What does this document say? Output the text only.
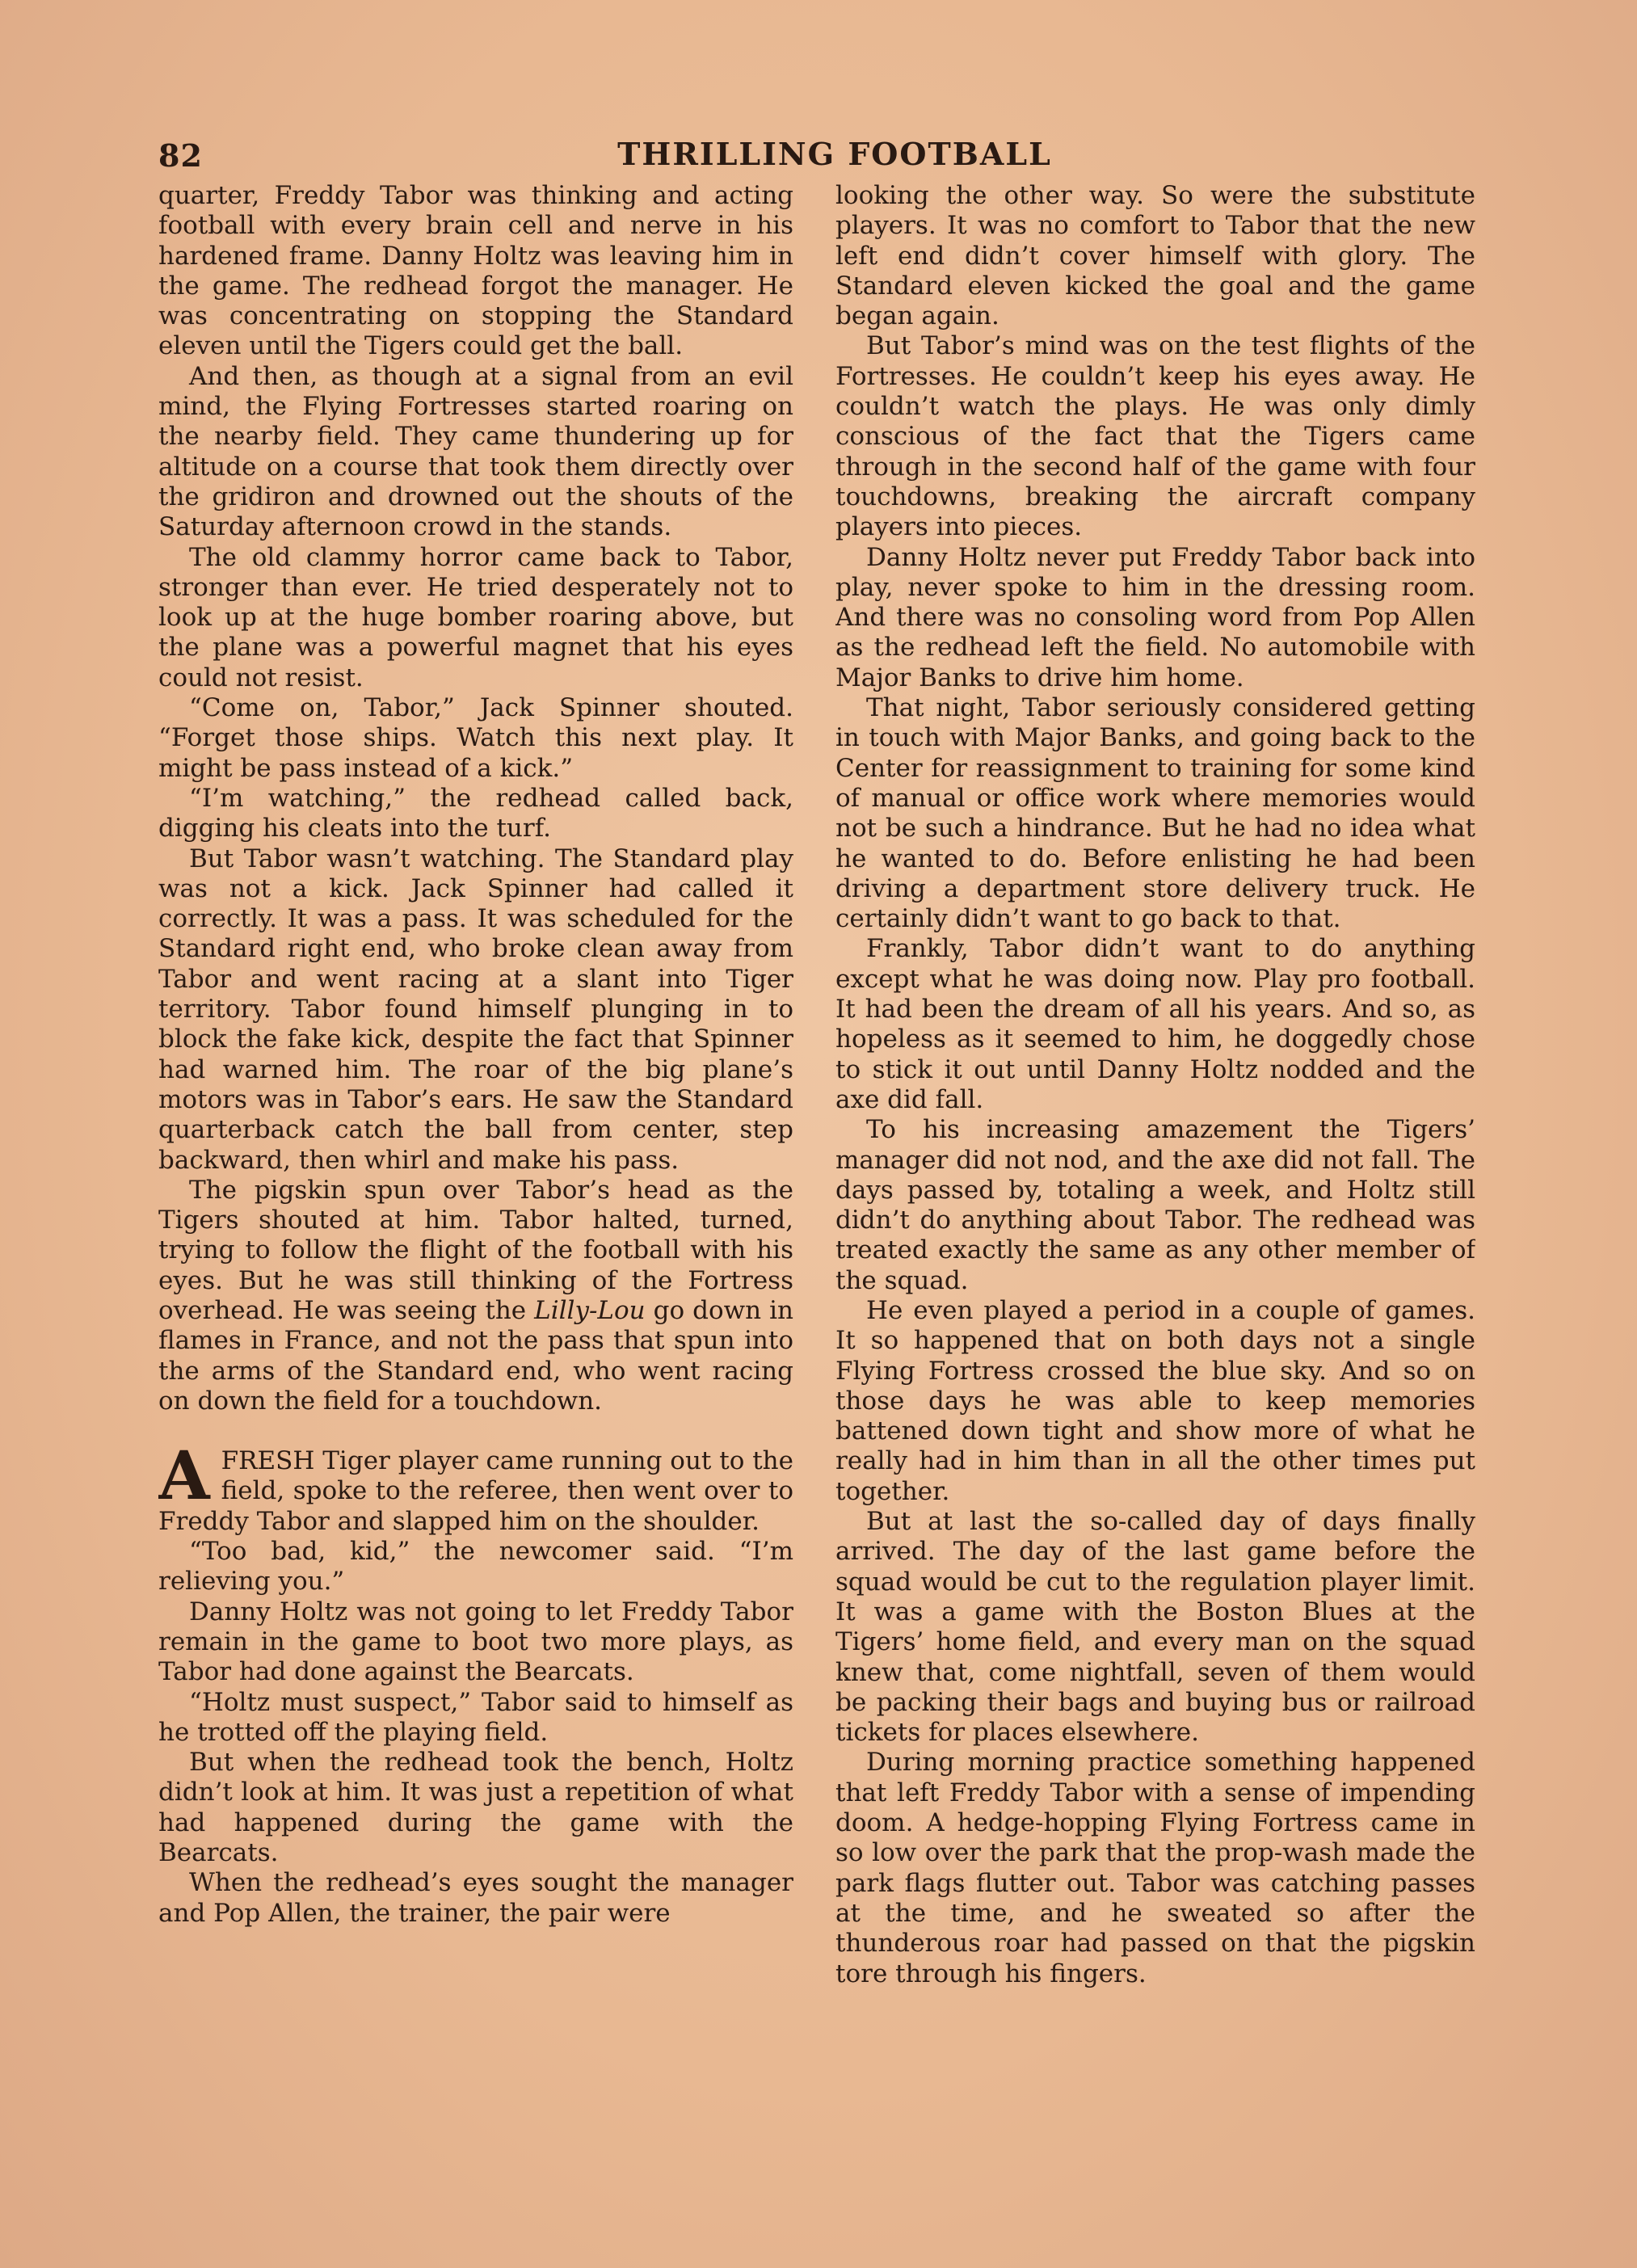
82	THRILLING FOOTBALL

quarter, Freddy Tabor was thinking and acting football with every brain cell and nerve in his hardened frame. Danny Holtz was leaving him in the game. The redhead forgot the manager. He was concentrating on stopping the Standard eleven until the Tigers could get the ball.

And then, as though at a signal from an evil mind, the Flying Fortresses started roaring on the nearby field. They came thundering up for altitude on a course that took them directly over the gridiron and drowned out the shouts of the Saturday afternoon crowd in the stands.

The old clammy horror came back to Tabor, stronger than ever. He tried desperately not to look up at the huge bomber roaring above, but the plane was a powerful magnet that his eyes could not resist.

“Come on, Tabor,” Jack Spinner shouted. “Forget those ships. Watch this next play. It might be pass instead of a kick.”

“I’m watching,” the redhead called back, digging his cleats into the turf.

But Tabor wasn’t watching. The Standard play was not a kick. Jack Spinner had called it correctly. It was a pass. It was scheduled for the Standard right end, who broke clean away from Tabor and went racing at a slant into Tiger territory. Tabor found himself plunging in to block the fake kick, despite the fact that Spinner had warned him. The roar of the big plane’s motors was in Tabor’s ears. He saw the Standard quarterback catch the ball from center, step backward, then whirl and make his pass.

The pigskin spun over Tabor’s head as the Tigers shouted at him. Tabor halted, turned, trying to follow the flight of the football with his eyes. But he was still thinking of the Fortress overhead. He was seeing the Lilly-Lou go down in flames in France, and not the pass that spun into the arms of the Standard end, who went racing on down the field for a touchdown.

AFRESH Tiger player came running out to the field, spoke to the referee, then went over to Freddy Tabor and slapped him on the shoulder.

“Too bad, kid,” the newcomer said. “I’m relieving you.”

Danny Holtz was not going to let Freddy Tabor remain in the game to boot two more plays, as Tabor had done against the Bearcats.

“Holtz must suspect,” Tabor said to himself as he trotted off the playing field.

But when the redhead took the bench, Holtz didn’t look at him. It was just a repetition of what had happened during the game with the Bearcats.

When the redhead’s eyes sought the manager and Pop Allen, the trainer, the pair were

looking the other way. So were the substitute players. It was no comfort to Tabor that the new left end didn’t cover himself with glory. The Standard eleven kicked the goal and the game began again.

But Tabor’s mind was on the test flights of the Fortresses. He couldn’t keep his eyes away. He couldn’t watch the plays. He was only dimly conscious of the fact that the Tigers came through in the second half of the game with four touchdowns, breaking the aircraft company players into pieces.

Danny Holtz never put Freddy Tabor back into play, never spoke to him in the dressing room. And there was no consoling word from Pop Allen as the redhead left the field. No automobile with Major Banks to drive him home.

That night, Tabor seriously considered getting in touch with Major Banks, and going back to the Center for reassignment to training for some kind of manual or office work where memories would not be such a hindrance. But he had no idea what he wanted to do. Before enlisting he had been driving a department store delivery truck. He certainly didn’t want to go back to that.

Frankly, Tabor didn’t want to do anything except what he was doing now. Play pro football. It had been the dream of all his years. And so, as hopeless as it seemed to him, he doggedly chose to stick it out until Danny Holtz nodded and the axe did fall.

To his increasing amazement the Tigers’ manager did not nod, and the axe did not fall. The days passed by, totaling a week, and Holtz still didn’t do anything about Tabor. The redhead was treated exactly the same as any other member of the squad.

He even played a period in a couple of games. It so happened that on both days not a single Flying Fortress crossed the blue sky. And so on those days he was able to keep memories battened down tight and show more of what he really had in him than in all the other times put together.

But at last the so-called day of days finally arrived. The day of the last game before the squad would be cut to the regulation player limit. It was a game with the Boston Blues at the Tigers’ home field, and every man on the squad knew that, come nightfall, seven of them would be packing their bags and buying bus or railroad tickets for places elsewhere.

During morning practice something happened that left Freddy Tabor with a sense of impending doom. A hedge-hopping Flying Fortress came in so low over the park that the prop-wash made the park flags flutter out. Tabor was catching passes at the time, and he sweated so after the thunderous roar had passed on that the pigskin tore through his fingers.
